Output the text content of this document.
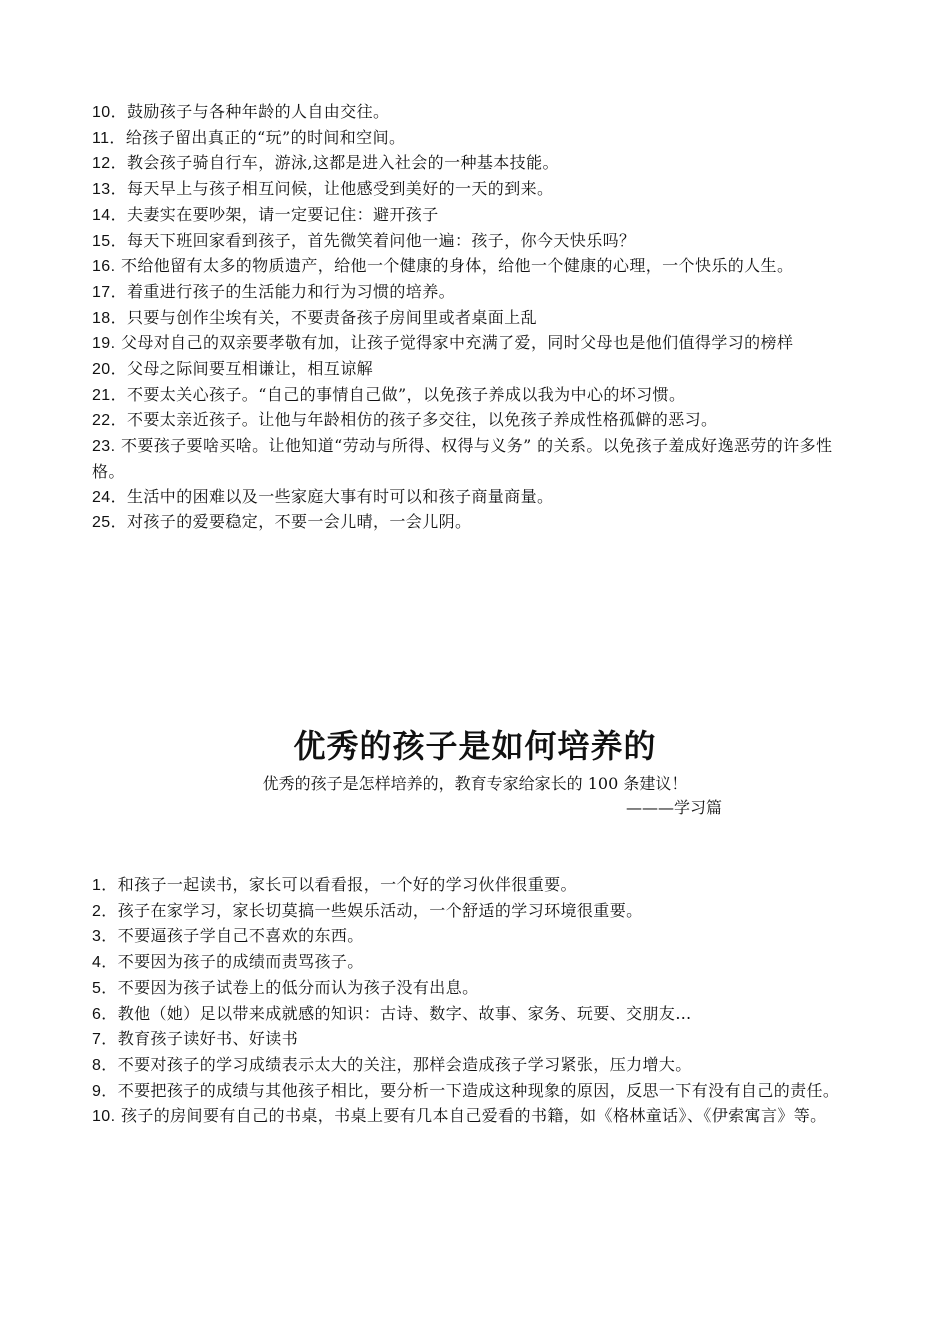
10．鼓励孩子与各种年龄的人自由交往。
11．给孩子留出真正的“玩”的时间和空间。
12．教会孩子骑自行车，游泳,这都是进入社会的一种基本技能。
13．每天早上与孩子相互问候，让他感受到美好的一天的到来。
14．夫妻实在要吵架，请一定要记住：避开孩子
15．每天下班回家看到孩子，首先微笑着问他一遍：孩子，你今天快乐吗？
16. 不给他留有太多的物质遗产，给他一个健康的身体，给他一个健康的心理，一个快乐的人生。
17．着重进行孩子的生活能力和行为习惯的培养。
18．只要与创作尘埃有关，不要责备孩子房间里或者桌面上乱
19. 父母对自己的双亲要孝敬有加，让孩子觉得家中充满了爱，同时父母也是他们值得学习的榜样
20．父母之际间要互相谦让，相互谅解
21．不要太关心孩子。“自己的事情自己做”，以免孩子养成以我为中心的坏习惯。
22．不要太亲近孩子。让他与年龄相仿的孩子多交往，以免孩子养成性格孤僻的恶习。
23. 不要孩子要啥买啥。让他知道“劳动与所得、权得与义务” 的关系。以免孩子羞成好逸恶劳的许多性格。
24．生活中的困难以及一些家庭大事有时可以和孩子商量商量。
25．对孩子的爱要稳定，不要一会儿晴，一会儿阴。
优秀的孩子是如何培养的

优秀的孩子是怎样培养的，教育专家给家长的 100 条建议！

———学习篇

1．和孩子一起读书，家长可以看看报，一个好的学习伙伴很重要。
2．孩子在家学习，家长切莫搞一些娱乐活动，一个舒适的学习环境很重要。
3．不要逼孩子学自己不喜欢的东西。
4．不要因为孩子的成绩而责骂孩子。
5．不要因为孩子试卷上的低分而认为孩子没有出息。
6．教他（她）足以带来成就感的知识：古诗、数字、故事、家务、玩要、交朋友…
7．教育孩子读好书、好读书
8．不要对孩子的学习成绩表示太大的关注，那样会造成孩子学习紧张，压力增大。
9．不要把孩子的成绩与其他孩子相比，要分析一下造成这种现象的原因，反思一下有没有自己的责任。
10. 孩子的房间要有自己的书桌，书桌上要有几本自己爱看的书籍，如《格林童话》、《伊索寓言》等。
